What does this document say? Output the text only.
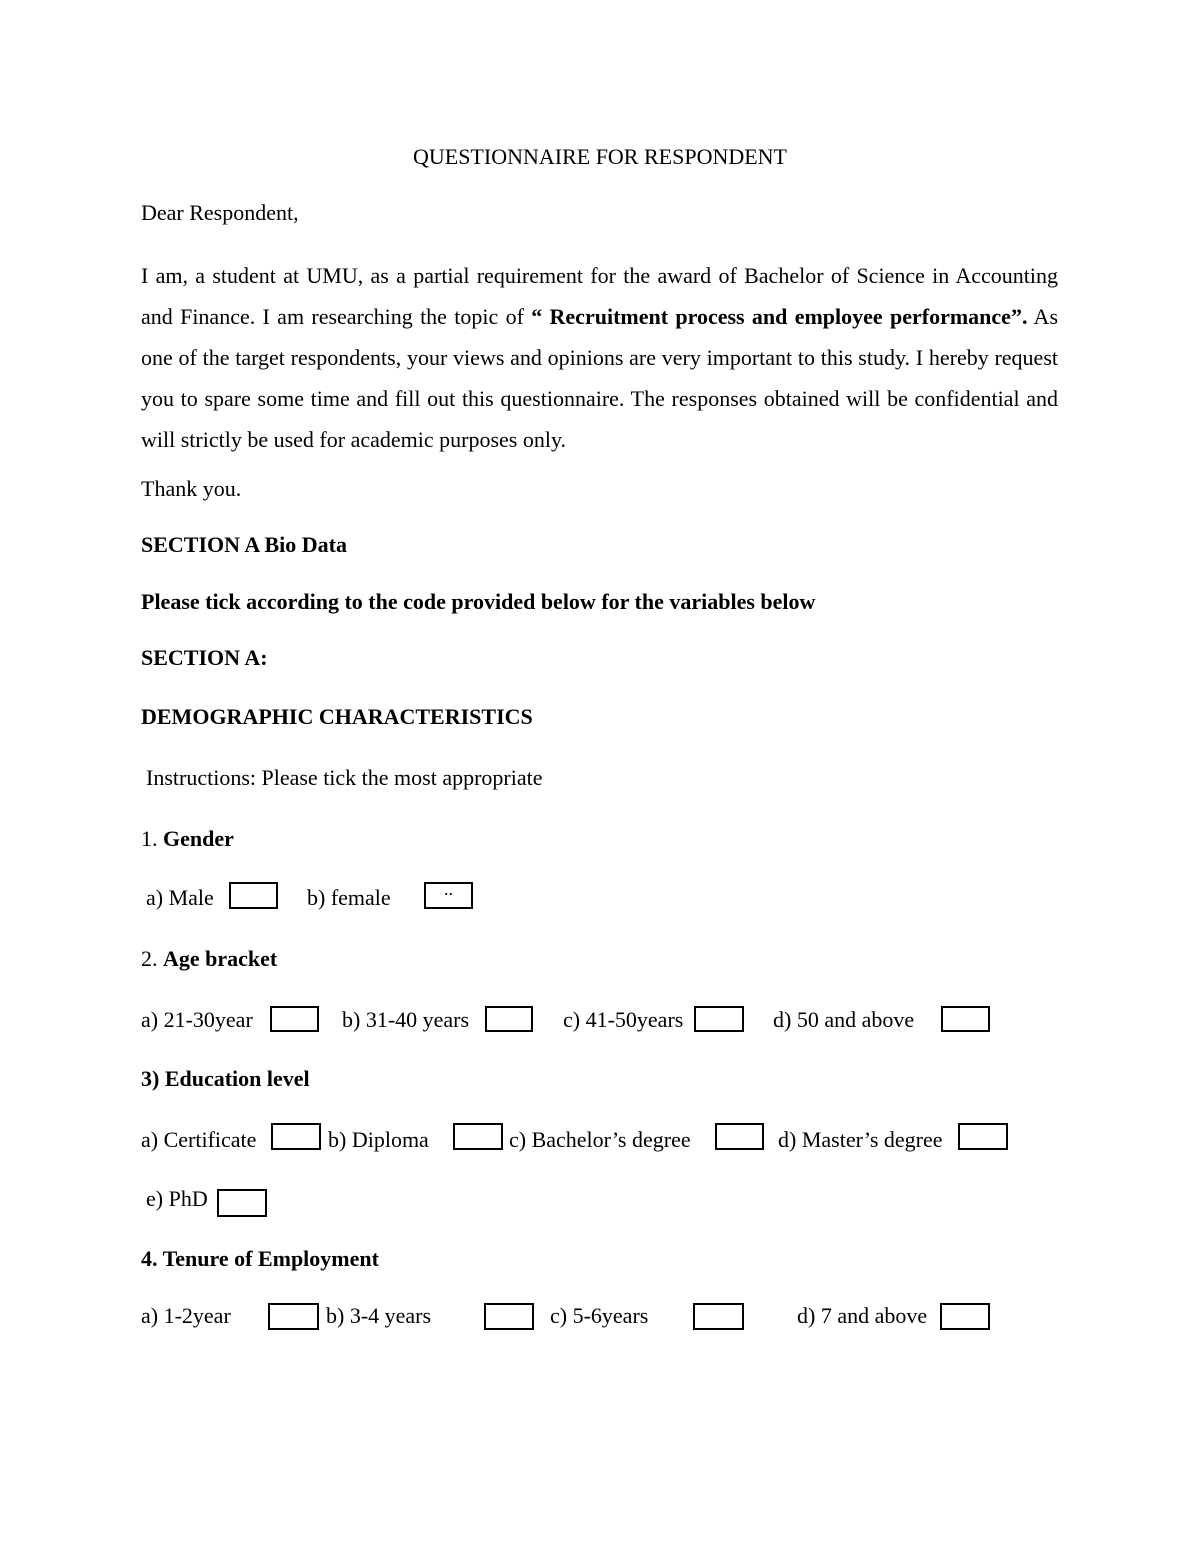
QUESTIONNAIRE FOR RESPONDENT
Dear Respondent,
I am, a student at UMU, as a partial requirement for the award of Bachelor of Science in Accounting and Finance. I am researching the topic of “ Recruitment process and employee performance”. As one of the target respondents, your views and opinions are very important to this study. I hereby request you to spare some time and fill out this questionnaire. The responses obtained will be confidential and will strictly be used for academic purposes only.
Thank you.
SECTION A Bio Data
Please tick according to the code provided below for the variables below
SECTION A:
DEMOGRAPHIC CHARACTERISTICS
Instructions: Please tick the most appropriate
1. Gender
a) Male	b) female	..
2. Age bracket
a) 21-30year	b) 31-40 years	c) 41-50years	d) 50 and above
3) Education level
a) Certificate	b) Diploma	c) Bachelor’s degree	d) Master’s degree
e) PhD
4. Tenure of Employment
a) 1-2year	b) 3-4 years	c) 5-6years	d) 7 and above
